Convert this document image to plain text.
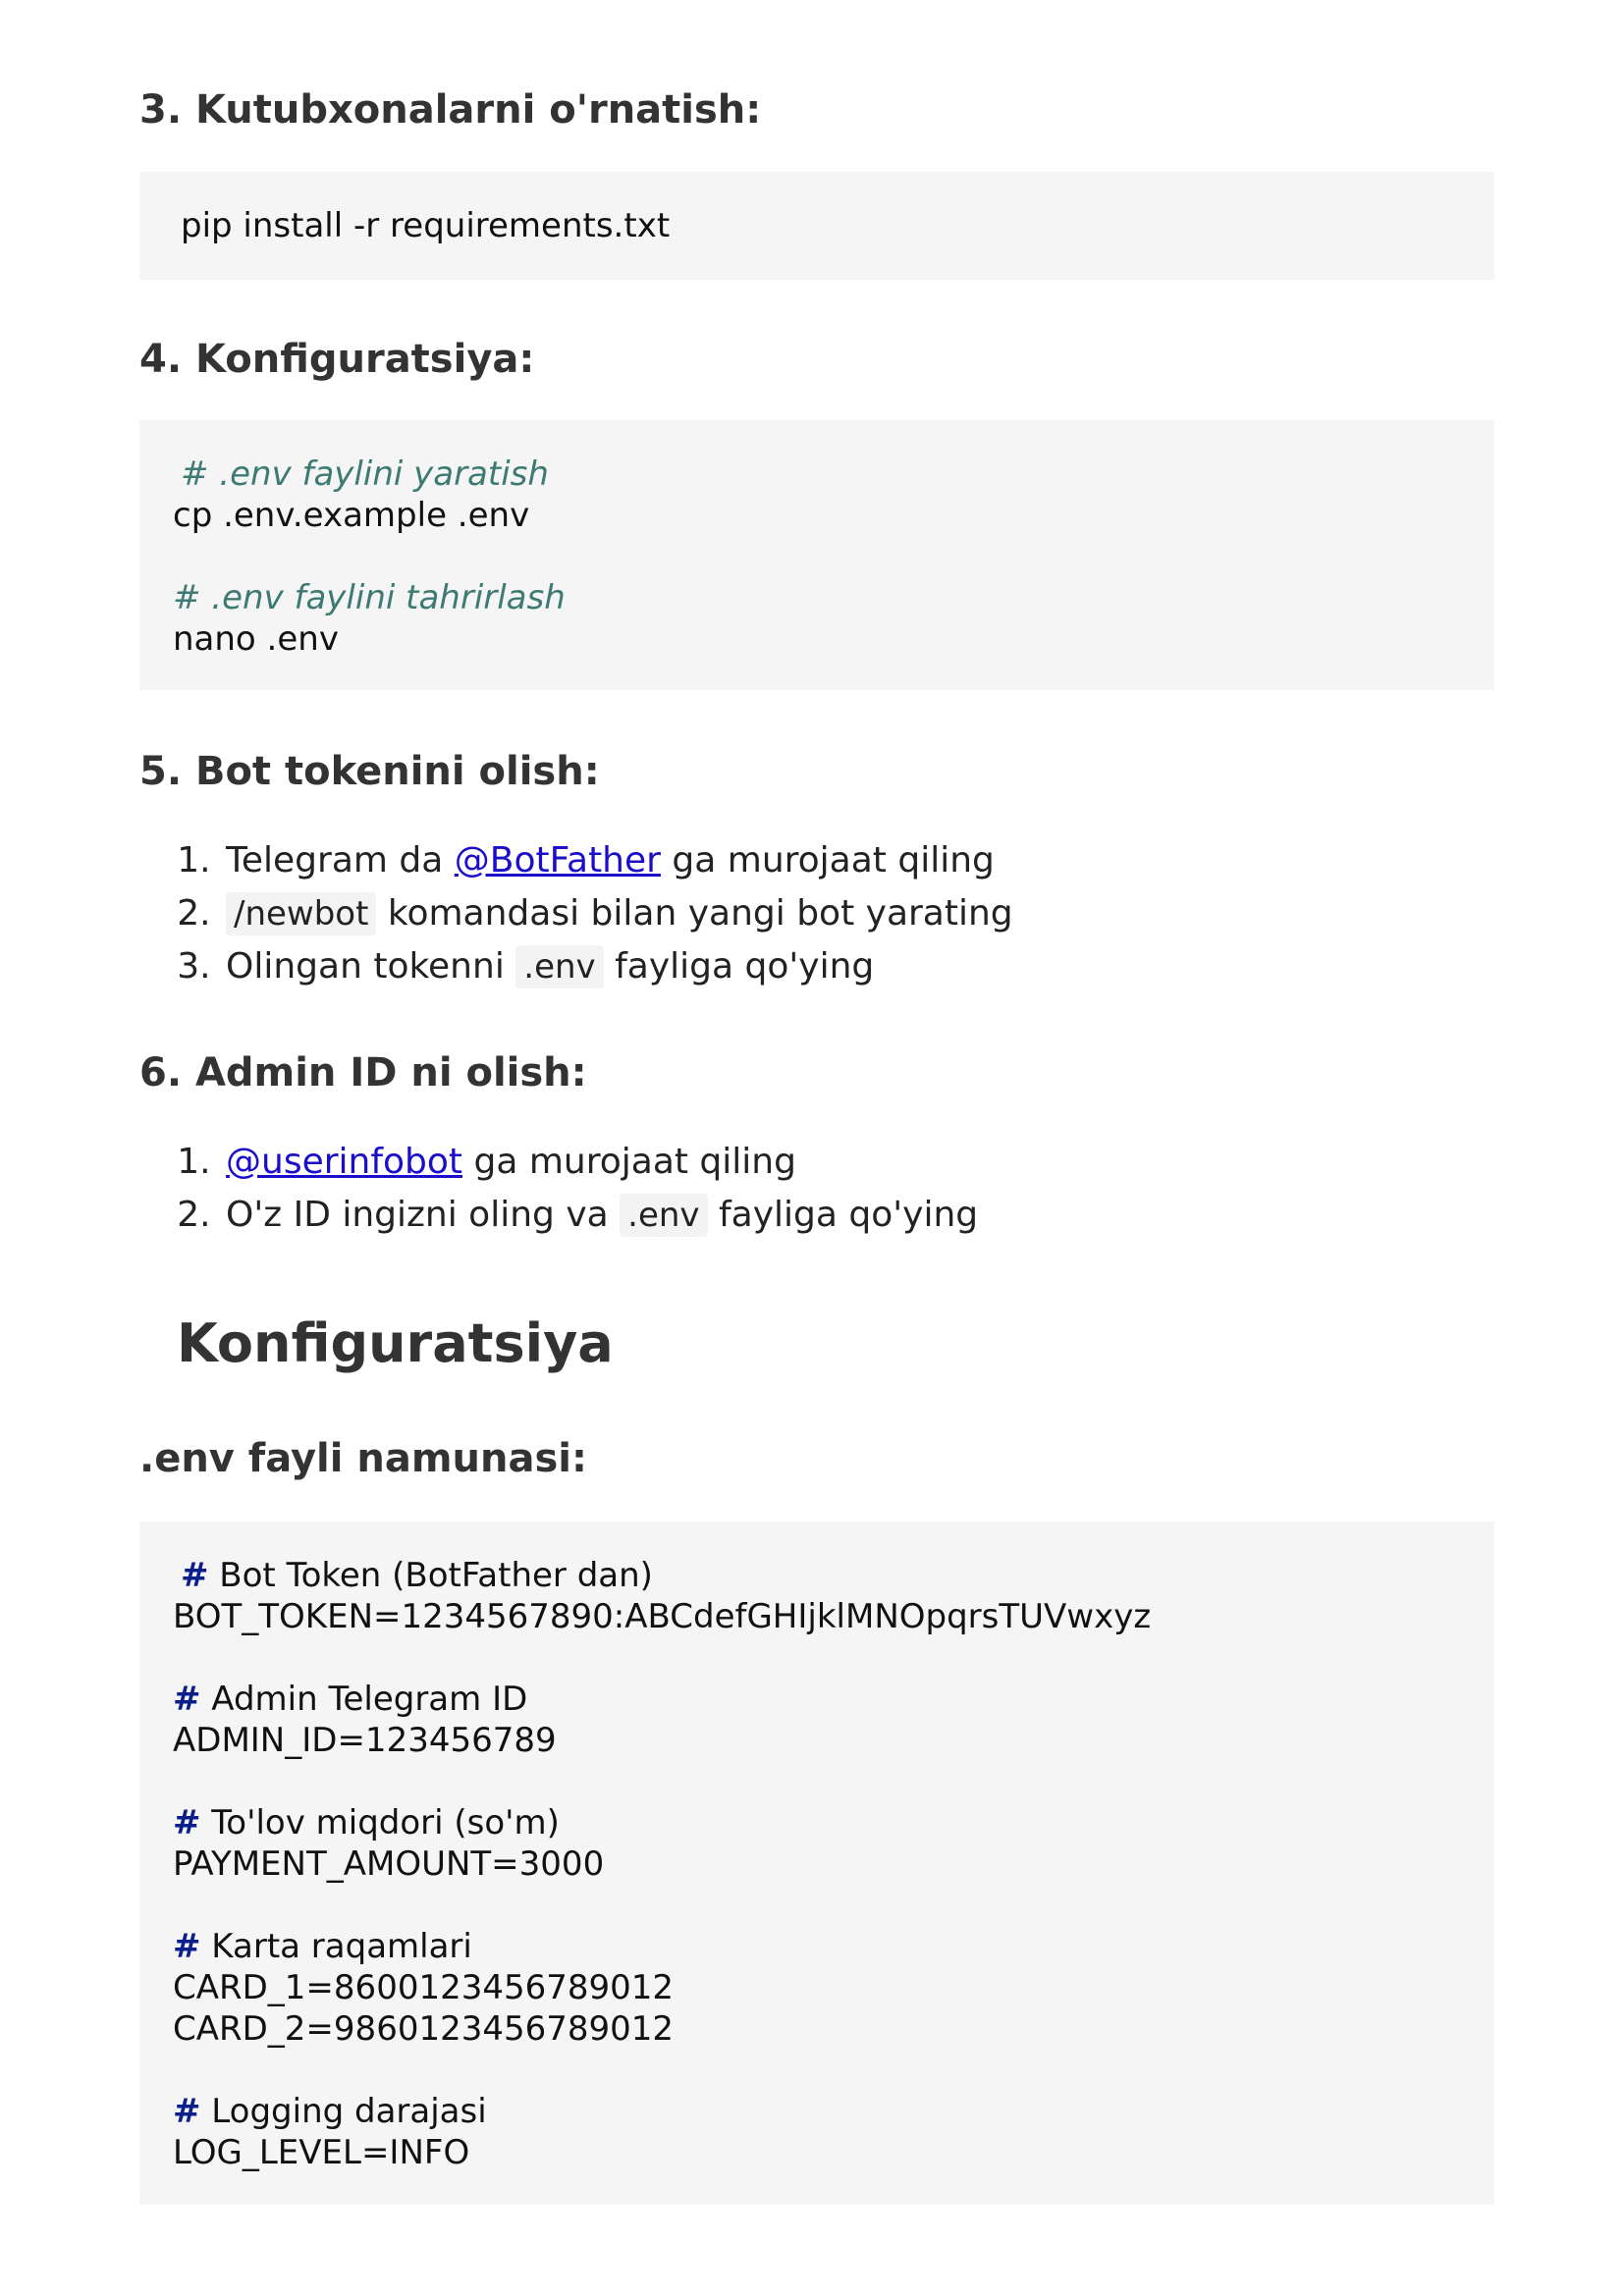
3. Kutubxonalarni o'rnatish:
pip install -r requirements.txt
4. Konfiguratsiya:
# .env faylini yaratish
cp .env.example .env
# .env faylini tahrirlash
nano .env
5. Bot tokenini olish:
1. Telegram da @BotFather ga murojaat qiling
2. /newbot komandasi bilan yangi bot yarating
3. Olingan tokenni .env fayliga qo'ying
6. Admin ID ni olish:
1. @userinfobot ga murojaat qiling
2. O'z ID ingizni oling va .env fayliga qo'ying
Konfiguratsiya
.env fayli namunasi:
# Bot Token (BotFather dan)
BOT_TOKEN=1234567890:ABCdefGHIjklMNOpqrsTUVwxyz
# Admin Telegram ID
ADMIN_ID=123456789
# To'lov miqdori (so'm)
PAYMENT_AMOUNT=3000
# Karta raqamlari
CARD_1=8600123456789012
CARD_2=9860123456789012
# Logging darajasi
LOG_LEVEL=INFO
